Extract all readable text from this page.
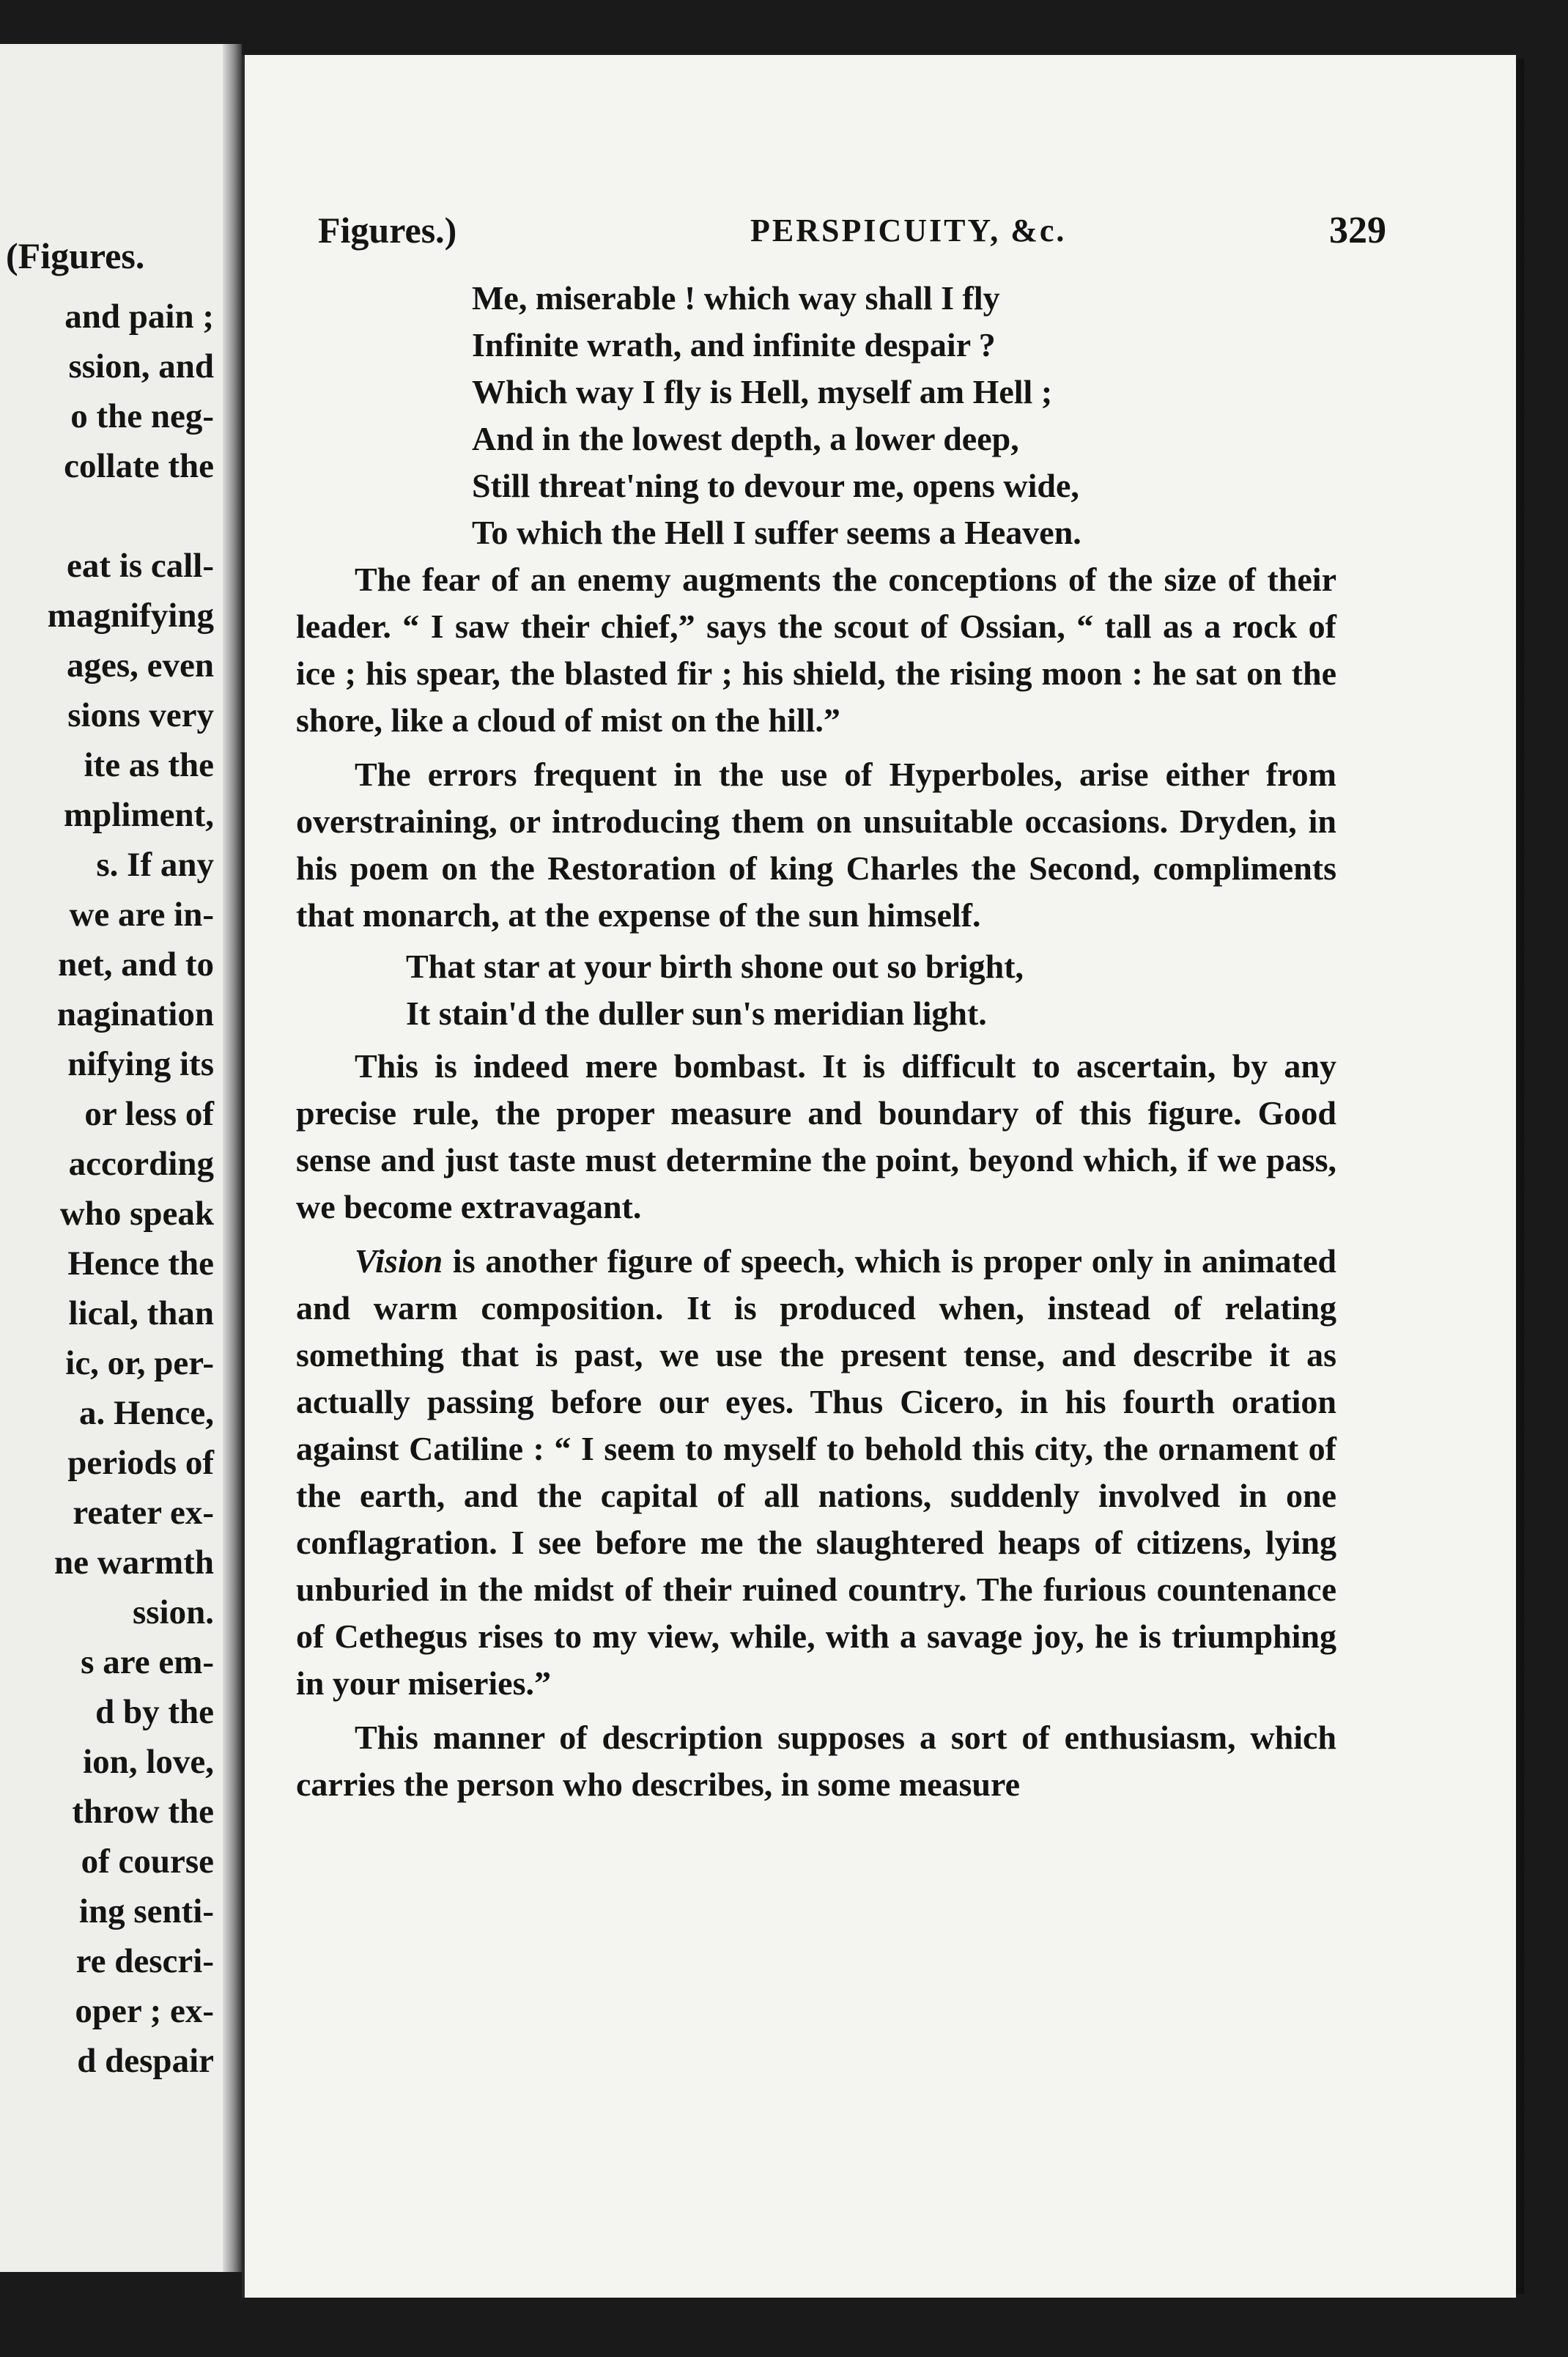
(Figures.
and pain ;
ssion, and
o the neg-
collate the
eat is call-
magnifying
ages, even
sions very
ite as the
mpliment,
s. If any
we are in-
net, and to
nagination
nifying its
or less of
according
who speak
Hence the
lical, than
ic, or, per-
a. Hence,
periods of
reater ex-
ne warmth
ssion.
s are em-
d by the
ion, love,
throw the
of course
ing senti-
re descri-
oper ; ex-
d despair
Figures.)	PERSPICUITY, &c.	329
Me, miserable ! which way shall I fly
Infinite wrath, and infinite despair ?
Which way I fly is Hell, myself am Hell ;
And in the lowest depth, a lower deep,
Still threat'ning to devour me, opens wide,
To which the Hell I suffer seems a Heaven.

The fear of an enemy augments the conceptions of the size of their leader. “ I saw their chief,” says the scout of Ossian, “ tall as a rock of ice ; his spear, the blasted fir ; his shield, the rising moon : he sat on the shore, like a cloud of mist on the hill.”

The errors frequent in the use of Hyperboles, arise either from overstraining, or introducing them on unsuitable occasions. Dryden, in his poem on the Restoration of king Charles the Second, compliments that monarch, at the expense of the sun himself.

That star at your birth shone out so bright,
It stain'd the duller sun's meridian light.

This is indeed mere bombast. It is difficult to ascertain, by any precise rule, the proper measure and boundary of this figure. Good sense and just taste must determine the point, beyond which, if we pass, we become extravagant.

Vision is another figure of speech, which is proper only in animated and warm composition. It is produced when, instead of relating something that is past, we use the present tense, and describe it as actually passing before our eyes. Thus Cicero, in his fourth oration against Catiline : “ I seem to myself to behold this city, the ornament of the earth, and the capital of all nations, suddenly involved in one conflagration. I see before me the slaughtered heaps of citizens, lying unburied in the midst of their ruined country. The furious countenance of Cethegus rises to my view, while, with a savage joy, he is triumphing in your miseries.”

This manner of description supposes a sort of enthusiasm, which carries the person who describes, in some measure
